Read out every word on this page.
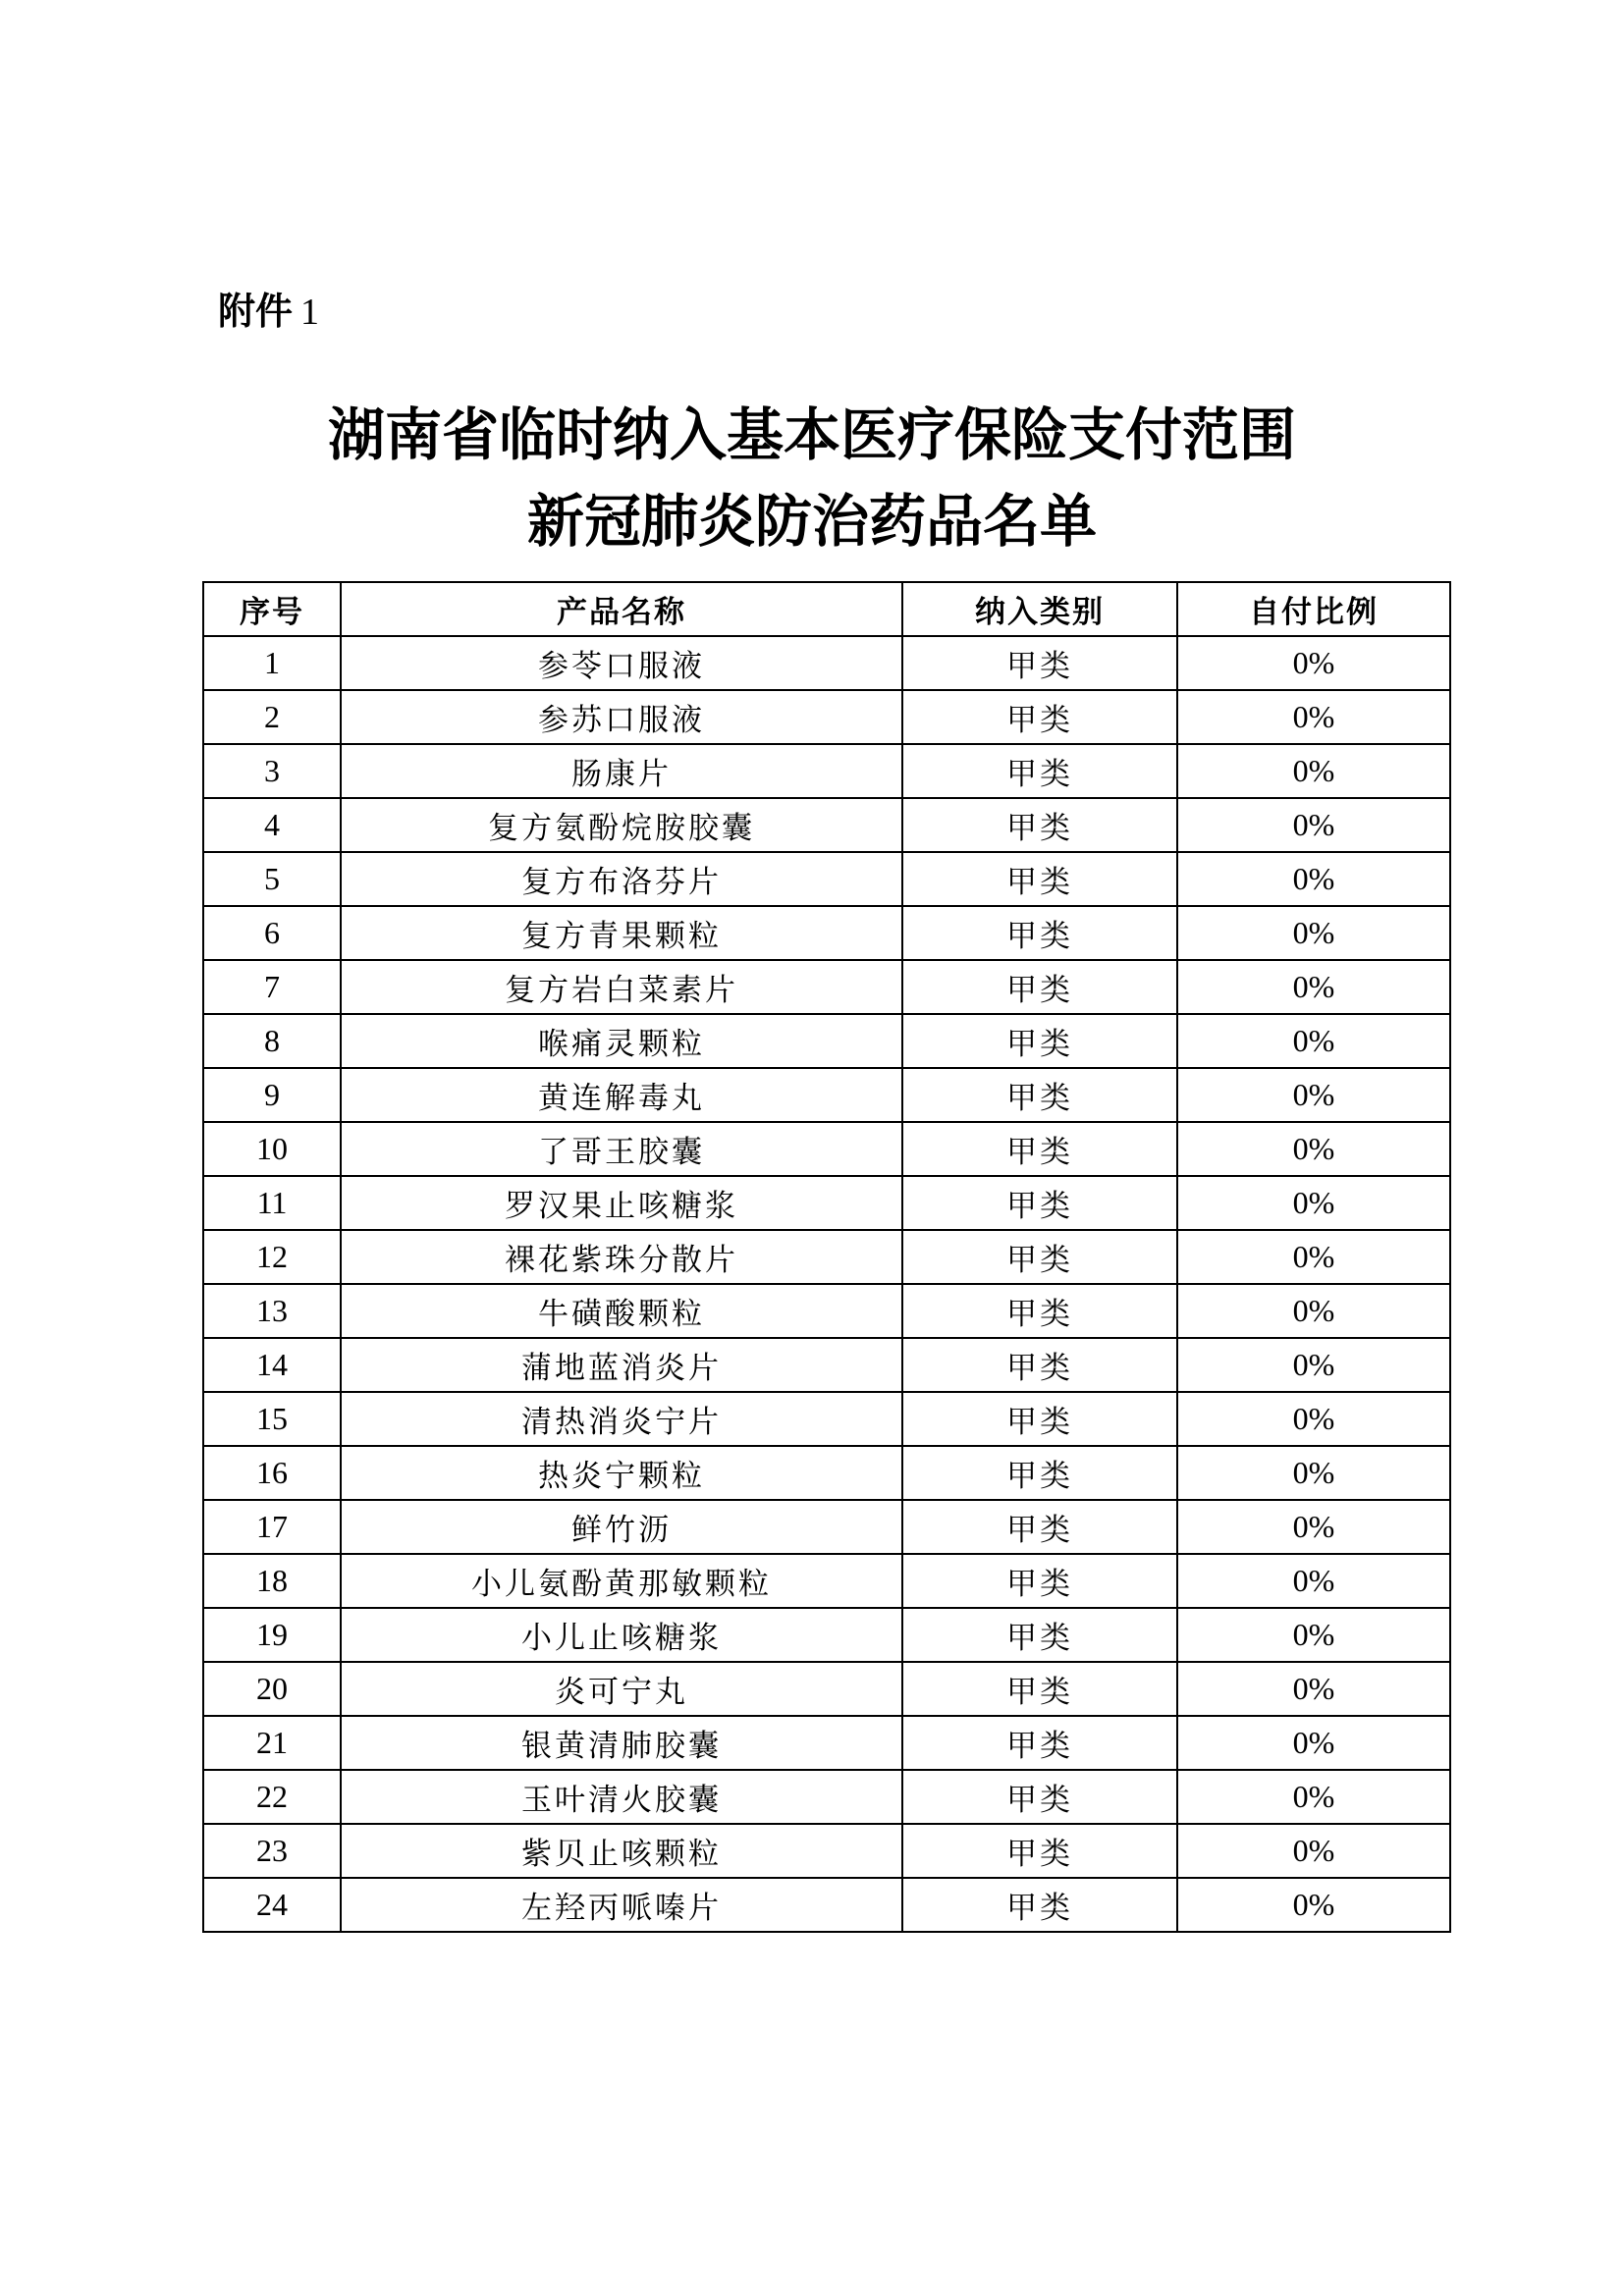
附件 1
湖南省临时纳入基本医疗保险支付范围
新冠肺炎防治药品名单
序号	产品名称	纳入类别	自付比例
1	参苓口服液	甲类	0%
2	参苏口服液	甲类	0%
3	肠康片	甲类	0%
4	复方氨酚烷胺胶囊	甲类	0%
5	复方布洛芬片	甲类	0%
6	复方青果颗粒	甲类	0%
7	复方岩白菜素片	甲类	0%
8	喉痛灵颗粒	甲类	0%
9	黄连解毒丸	甲类	0%
10	了哥王胶囊	甲类	0%
11	罗汉果止咳糖浆	甲类	0%
12	裸花紫珠分散片	甲类	0%
13	牛磺酸颗粒	甲类	0%
14	蒲地蓝消炎片	甲类	0%
15	清热消炎宁片	甲类	0%
16	热炎宁颗粒	甲类	0%
17	鲜竹沥	甲类	0%
18	小儿氨酚黄那敏颗粒	甲类	0%
19	小儿止咳糖浆	甲类	0%
20	炎可宁丸	甲类	0%
21	银黄清肺胶囊	甲类	0%
22	玉叶清火胶囊	甲类	0%
23	紫贝止咳颗粒	甲类	0%
24	左羟丙哌嗪片	甲类	0%
